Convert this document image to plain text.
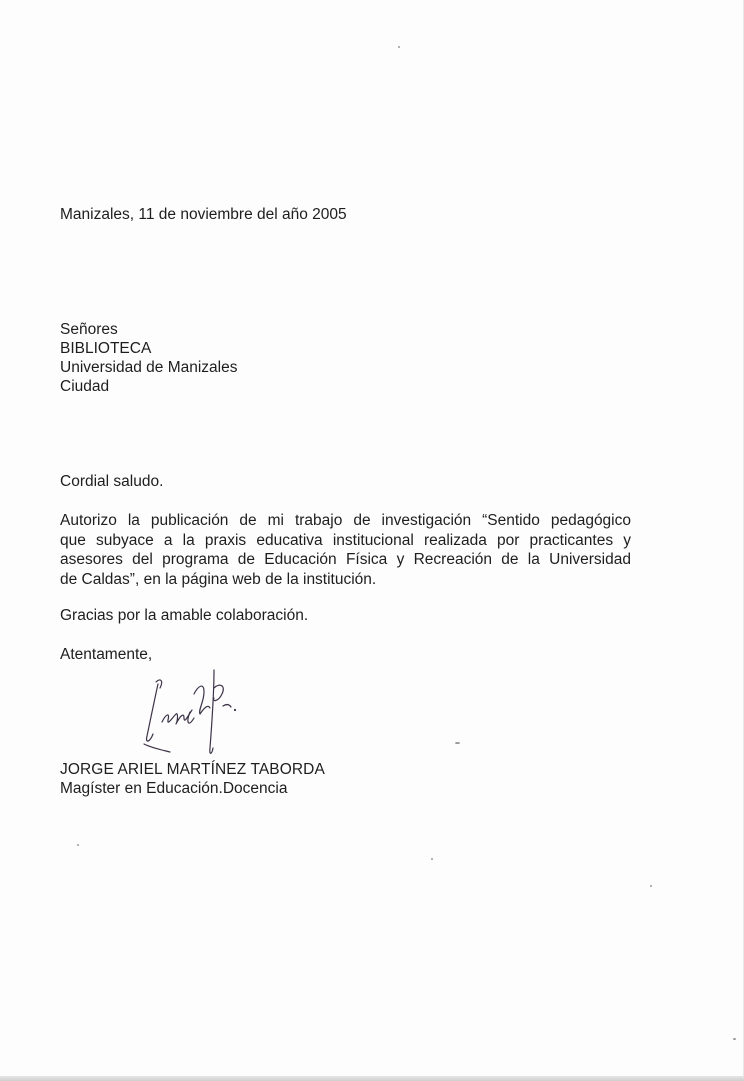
Manizales, 11 de noviembre del año 2005
Señores
BIBLIOTECA
Universidad de Manizales
Ciudad
Cordial saludo.
Autorizo la publicación de mi trabajo de investigación “Sentido pedagógico
que subyace a la praxis educativa institucional realizada por practicantes y
asesores del programa de Educación Física y Recreación de la Universidad
de Caldas”, en la página web de la institución.
Gracias por la amable colaboración.
Atentamente,
JORGE ARIEL MARTÍNEZ TABORDA
Magíster en Educación.Docencia
